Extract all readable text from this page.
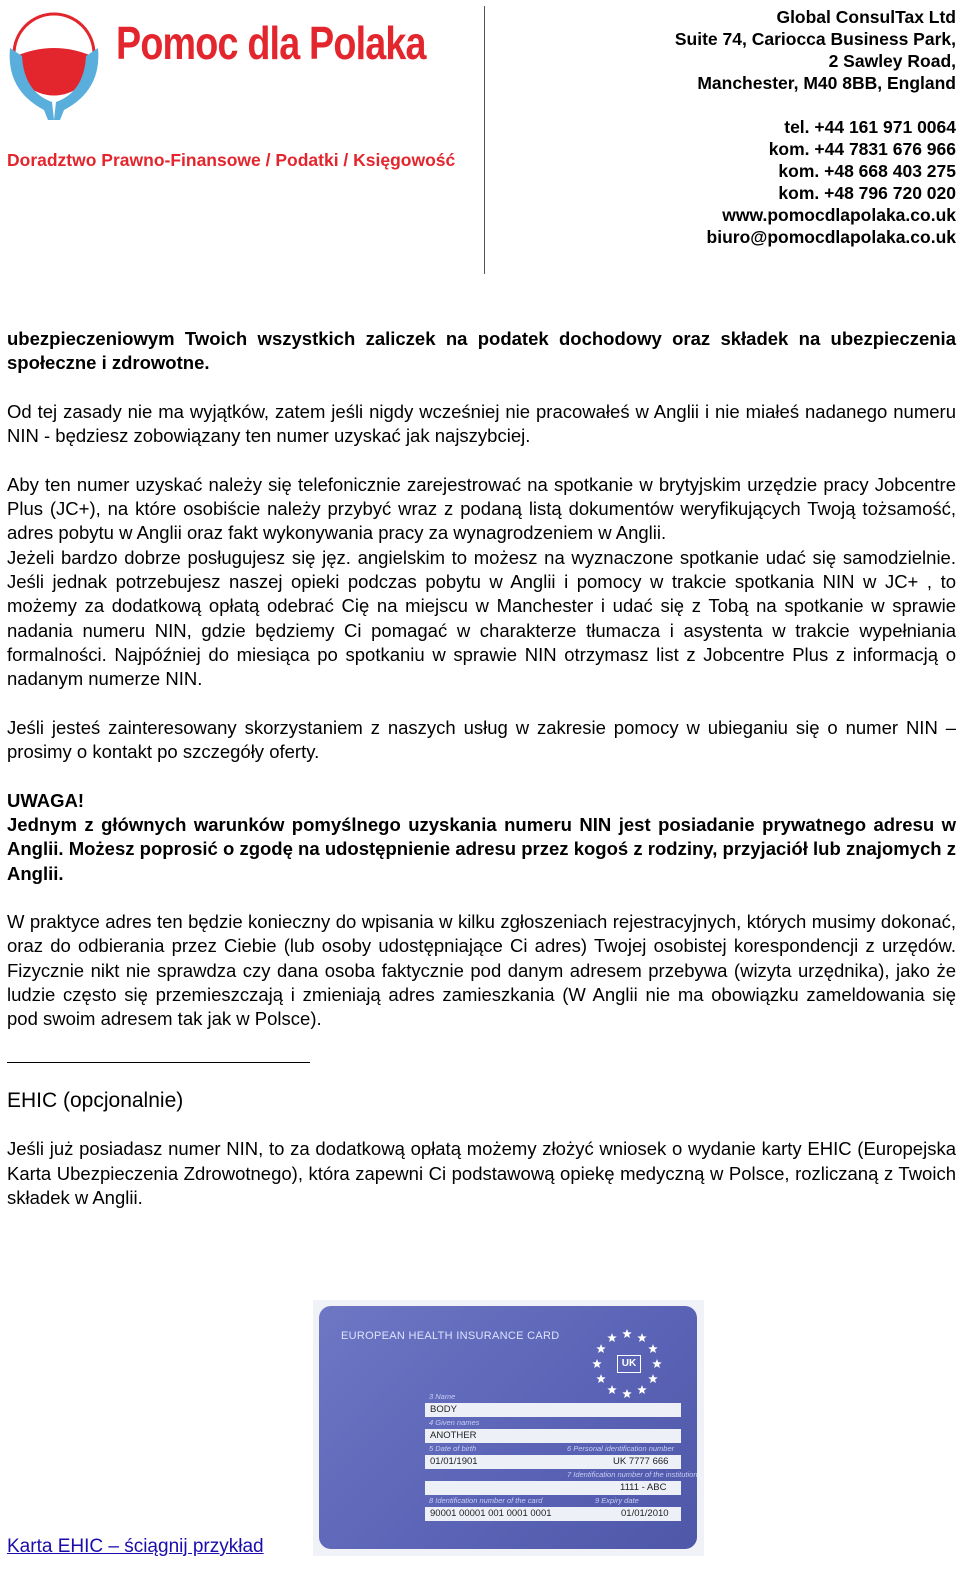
Pomoc dla Polaka
Doradztwo Prawno-Finansowe / Podatki / Księgowość
Global ConsulTax Ltd
Suite 74, Cariocca Business Park,
2 Sawley Road,
Manchester, M40 8BB, England
tel. +44 161 971 0064
kom. +44 7831 676 966
kom. +48 668 403 275
kom. +48 796 720 020
www.pomocdlapolaka.co.uk
biuro@pomocdlapolaka.co.uk

ubezpieczeniowym Twoich wszystkich zaliczek na podatek dochodowy oraz składek na ubezpieczenia społeczne i zdrowotne.

Od tej zasady nie ma wyjątków, zatem jeśli nigdy wcześniej nie pracowałeś w Anglii i nie miałeś nadanego numeru NIN - będziesz zobowiązany ten numer uzyskać jak najszybciej.

Aby ten numer uzyskać należy się telefonicznie zarejestrować na spotkanie w brytyjskim urzędzie pracy Jobcentre Plus (JC+), na które osobiście należy przybyć wraz z podaną listą dokumentów weryfikujących Twoją tożsamość, adres pobytu w Anglii oraz fakt wykonywania pracy za wynagrodzeniem w Anglii.

Jeżeli bardzo dobrze posługujesz się jęz. angielskim to możesz na wyznaczone spotkanie udać się samodzielnie. Jeśli jednak potrzebujesz naszej opieki podczas pobytu w Anglii i pomocy w trakcie spotkania NIN w JC+ , to możemy za dodatkową opłatą odebrać Cię na miejscu w Manchester i udać się z Tobą na spotkanie w sprawie nadania numeru NIN, gdzie będziemy Ci pomagać w charakterze tłumacza i asystenta w trakcie wypełniania formalności. Najpóźniej do miesiąca po spotkaniu w sprawie NIN otrzymasz list z Jobcentre Plus z informacją o nadanym numerze NIN.

Jeśli jesteś zainteresowany skorzystaniem z naszych usług w zakresie pomocy w ubieganiu się o numer NIN – prosimy o kontakt po szczegóły oferty.

UWAGA!

Jednym z głównych warunków pomyślnego uzyskania numeru NIN jest posiadanie prywatnego adresu w Anglii. Możesz poprosić o zgodę na udostępnienie adresu przez kogoś z rodziny, przyjaciół lub znajomych z Anglii.

W praktyce adres ten będzie konieczny do wpisania w kilku zgłoszeniach rejestracyjnych, których musimy dokonać, oraz do odbierania przez Ciebie (lub osoby udostępniające Ci adres) Twojej osobistej korespondencji z urzędów. Fizycznie nikt nie sprawdza czy dana osoba faktycznie pod danym adresem przebywa (wizyta urzędnika), jako że ludzie często się przemieszczają i zmieniają adres zamieszkania (W Anglii nie ma obowiązku zameldowania się pod swoim adresem tak jak w Polsce).

EHIC (opcjonalnie)

Jeśli już posiadasz numer NIN, to za dodatkową opłatą możemy złożyć wniosek o wydanie karty EHIC (Europejska Karta Ubezpieczenia Zdrowotnego), która zapewni Ci podstawową opiekę medyczną w Polsce, rozliczaną z Twoich składek w Anglii.

EUROPEAN HEALTH INSURANCE CARD
UK
3 Name
BODY
4 Given names
ANOTHER
5 Date of birth	6 Personal identification number
01/01/1901	UK 7777 666
7 Identification number of the institution
1111 - ABC
8 Identification number of the card	9 Expiry date
90001 00001 001 0001 0001	01/01/2010
Karta EHIC – ściągnij przykład
